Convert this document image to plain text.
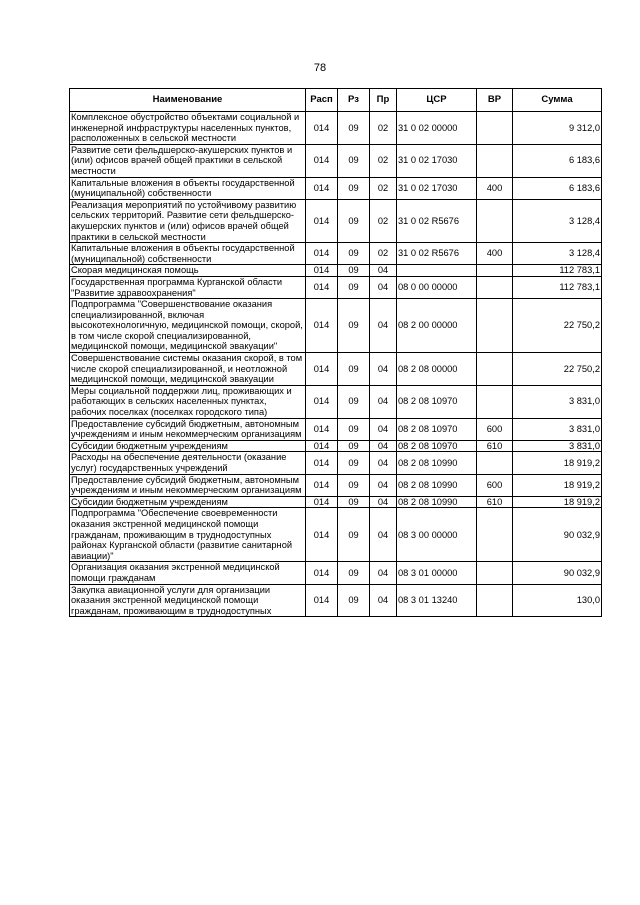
78
Наименование	Расп	Рз	Пр	ЦСР	ВР	Сумма
Комплексное обустройство объектами социальной и инженерной инфраструктуры населенных пунктов, расположенных в сельской местности	014	09	02	31 0 02 00000		9 312,0
Развитие сети фельдшерско-акушерских пунктов и (или) офисов врачей общей практики в сельской местности	014	09	02	31 0 02 17030		6 183,6
Капитальные вложения в объекты государственной (муниципальной) собственности	014	09	02	31 0 02 17030	400	6 183,6
Реализация мероприятий по устойчивому развитию сельских территорий. Развитие сети фельдшерско-акушерских пунктов и (или) офисов врачей общей практики в сельской местности	014	09	02	31 0 02 R5676		3 128,4
Капитальные вложения в объекты государственной (муниципальной) собственности	014	09	02	31 0 02 R5676	400	3 128,4
Скорая медицинская помощь	014	09	04			112 783,1
Государственная программа Курганской области "Развитие здравоохранения"	014	09	04	08 0 00 00000		112 783,1
Подпрограмма "Совершенствование оказания специализированной, включая высокотехнологичную, медицинской помощи, скорой, в том числе скорой специализированной, медицинской помощи, медицинской эвакуации"	014	09	04	08 2 00 00000		22 750,2
Совершенствование системы оказания скорой, в том числе скорой специализированной, и неотложной медицинской помощи, медицинской эвакуации	014	09	04	08 2 08 00000		22 750,2
Меры социальной поддержки лиц, проживающих и работающих в сельских населенных пунктах, рабочих поселках (поселках городского типа)	014	09	04	08 2 08 10970		3 831,0
Предоставление субсидий бюджетным, автономным учреждениям и иным некоммерческим организациям	014	09	04	08 2 08 10970	600	3 831,0
Субсидии бюджетным учреждениям	014	09	04	08 2 08 10970	610	3 831,0
Расходы на обеспечение деятельности (оказание услуг) государственных учреждений	014	09	04	08 2 08 10990		18 919,2
Предоставление субсидий бюджетным, автономным учреждениям и иным некоммерческим организациям	014	09	04	08 2 08 10990	600	18 919,2
Субсидии бюджетным учреждениям	014	09	04	08 2 08 10990	610	18 919,2
Подпрограмма "Обеспечение своевременности оказания экстренной медицинской помощи гражданам, проживающим в труднодоступных районах Курганской области (развитие санитарной авиации)"	014	09	04	08 3 00 00000		90 032,9
Организация оказания экстренной медицинской помощи гражданам	014	09	04	08 3 01 00000		90 032,9
Закупка авиационной услуги для организации оказания экстренной медицинской помощи гражданам, проживающим в труднодоступных	014	09	04	08 3 01 13240		130,0
